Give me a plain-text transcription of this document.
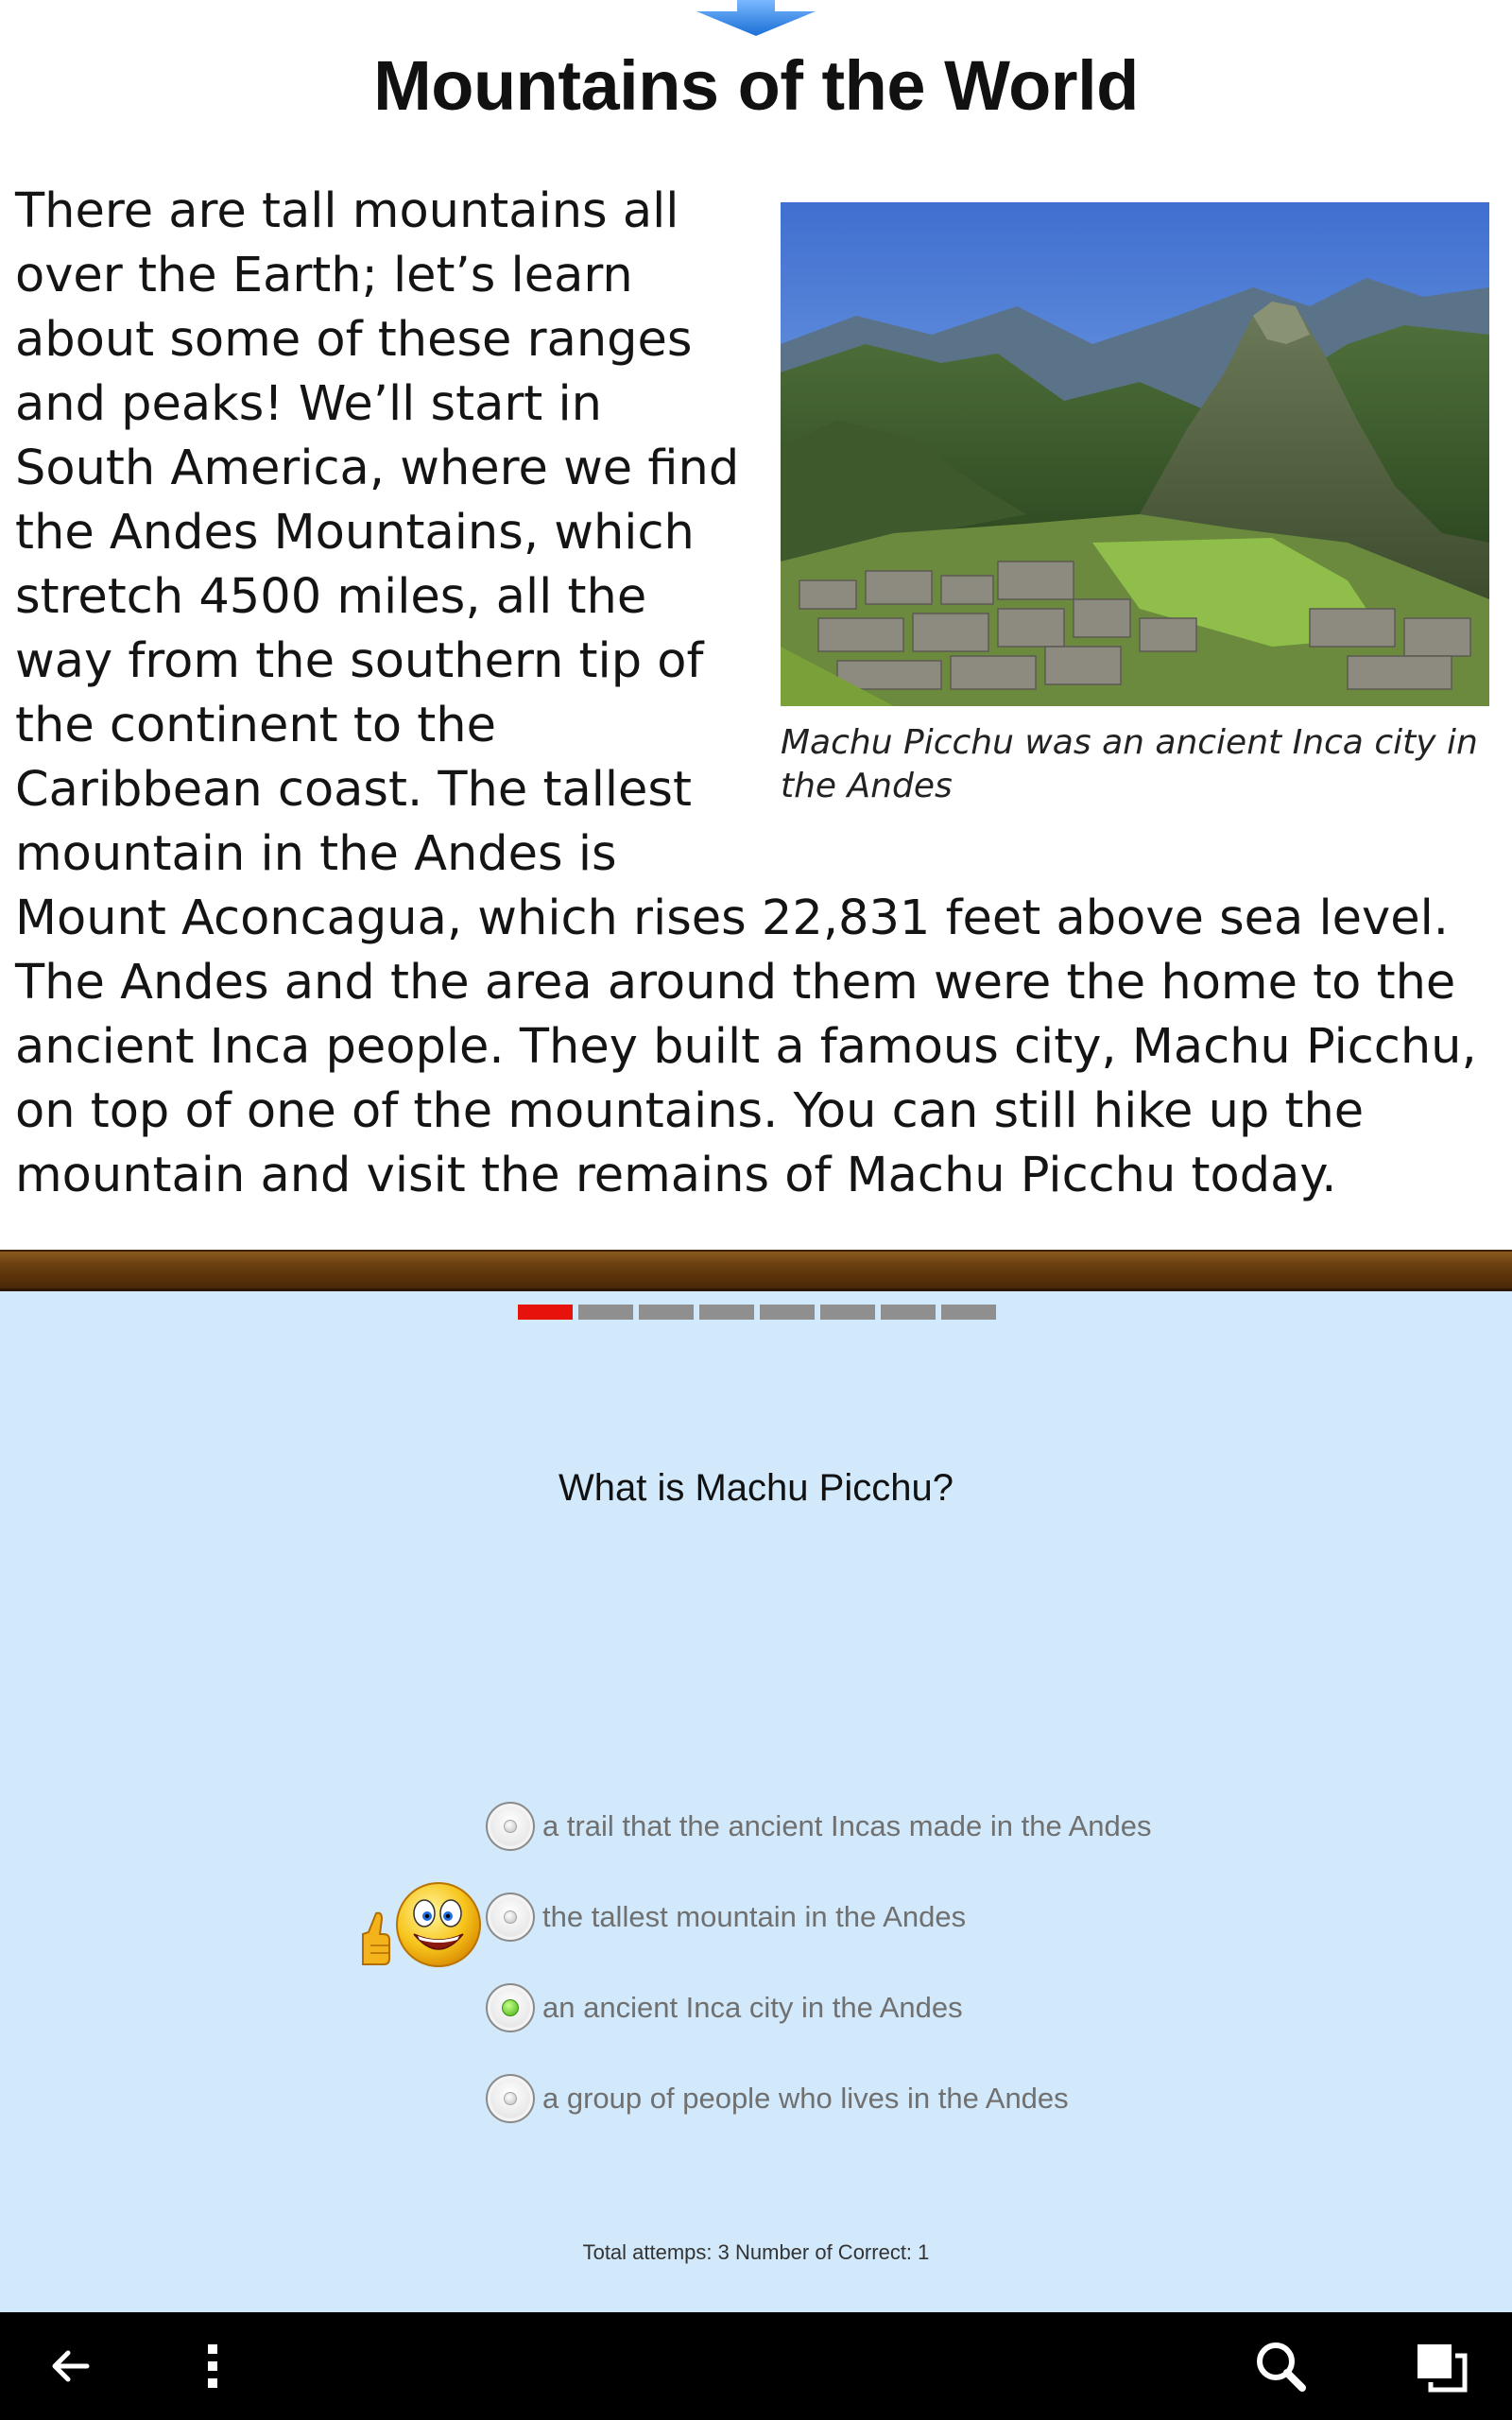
Mountains of the World
Machu Picchu was an ancient Inca city in the Andes
There are tall mountains all over the Earth; let’s learn about some of these ranges and peaks! We’ll start in South America, where we find the Andes Mountains, which stretch 4500 miles, all the way from the southern tip of the continent to the Caribbean coast. The tallest mountain in the Andes is Mount Aconcagua, which rises 22,831 feet above sea level. The Andes and the area around them were the home to the ancient Inca people. They built a famous city, Machu Picchu, on top of one of the mountains. You can still hike up the mountain and visit the remains of Machu Picchu today.
What is Machu Picchu?
a trail that the ancient Incas made in the Andes
the tallest mountain in the Andes
an ancient Inca city in the Andes
a group of people who lives in the Andes
Total attemps: 3 Number of Correct: 1
